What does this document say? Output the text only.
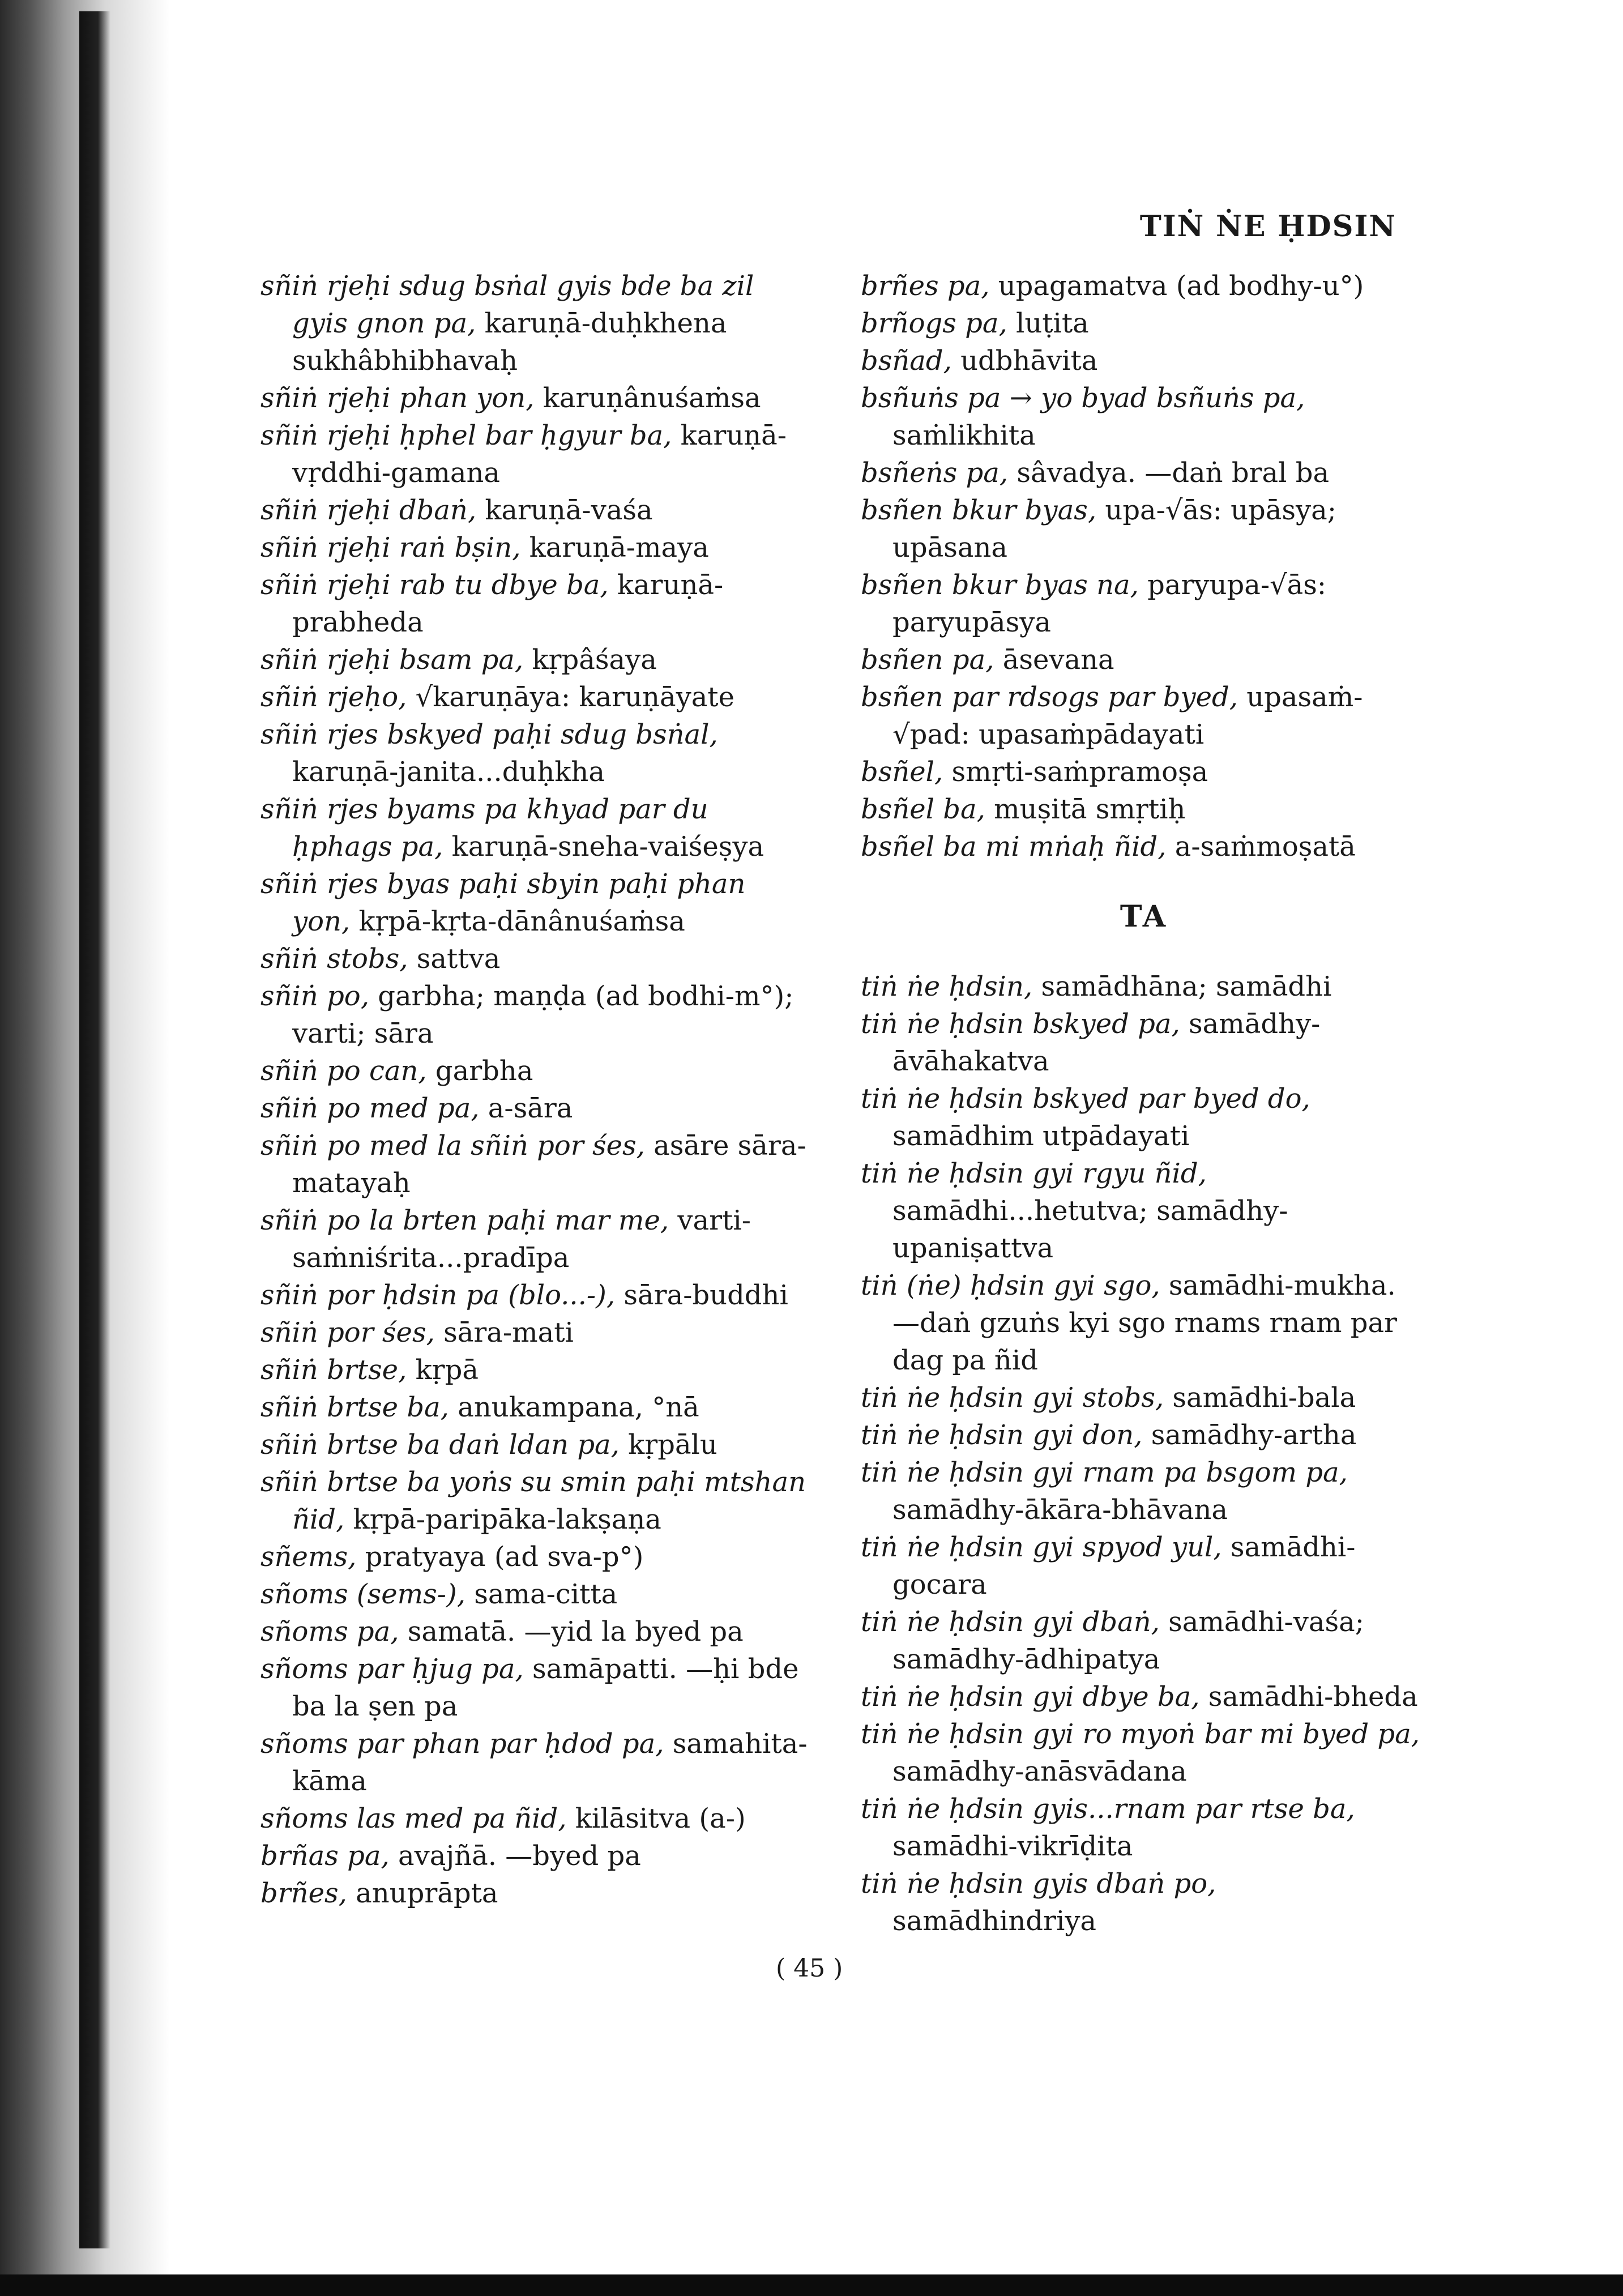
TIṄ ṄE ḤDSIN

sñiṅ rjeḥi sdug bsṅal gyis bde ba zil gyis gnon pa, karuṇā-duḥkhena sukhâbhibhavaḥ

sñiṅ rjeḥi phan yon, karuṇânuśaṁsa

sñiṅ rjeḥi ḥphel bar ḥgyur ba, karuṇā-vṛddhi-gamana

sñiṅ rjeḥi dbaṅ, karuṇā-vaśa

sñiṅ rjeḥi raṅ bṣin, karuṇā-maya

sñiṅ rjeḥi rab tu dbye ba, karuṇā-prabheda

sñiṅ rjeḥi bsam pa, kṛpâśaya

sñiṅ rjeḥo, √karuṇāya: karuṇāyate

sñiṅ rjes bskyed paḥi sdug bsṅal, karuṇā-janita...duḥkha

sñiṅ rjes byams pa khyad par du ḥphags pa, karuṇā-sneha-vaiśeṣya

sñiṅ rjes byas paḥi sbyin paḥi phan yon, kṛpā-kṛta-dānânuśaṁsa

sñiṅ stobs, sattva

sñiṅ po, garbha; maṇḍa (ad bodhi-m°); varti; sāra

sñiṅ po can, garbha

sñiṅ po med pa, a-sāra

sñiṅ po med la sñiṅ por śes, asāre sāra-matayaḥ

sñiṅ po la brten paḥi mar me, varti-saṁniśrita...pradīpa

sñiṅ por ḥdsin pa (blo...-), sāra-buddhi

sñiṅ por śes, sāra-mati

sñiṅ brtse, kṛpā

sñiṅ brtse ba, anukampana, °nā

sñiṅ brtse ba daṅ ldan pa, kṛpālu

sñiṅ brtse ba yoṅs su smin paḥi mtshan ñid, kṛpā-paripāka-lakṣaṇa

sñems, pratyaya (ad sva-p°)

sñoms (sems-), sama-citta

sñoms pa, samatā. —yid la byed pa

sñoms par ḥjug pa, samāpatti. —ḥi bde ba la ṣen pa

sñoms par phan par ḥdod pa, samahita-kāma

sñoms las med pa ñid, kilāsitva (a-)

brñas pa, avajñā. —byed pa

brñes, anuprāpta

brñes pa, upagamatva (ad bodhy-u°)

brñogs pa, luṭita

bsñad, udbhāvita

bsñuṅs pa → yo byad bsñuṅs pa, saṁlikhita

bsñeṅs pa, sâvadya. —daṅ bral ba

bsñen bkur byas, upa-√ās: upāsya; upāsana

bsñen bkur byas na, paryupa-√ās: paryupāsya

bsñen pa, āsevana

bsñen par rdsogs par byed, upasaṁ-√pad: upasaṁpādayati

bsñel, smṛti-saṁpramoṣa

bsñel ba, muṣitā smṛtiḥ

bsñel ba mi mṅaḥ ñid, a-saṁmoṣatā

TA

tiṅ ṅe ḥdsin, samādhāna; samādhi

tiṅ ṅe ḥdsin bskyed pa, samādhy-āvāhakatva

tiṅ ṅe ḥdsin bskyed par byed do, samādhim utpādayati

tiṅ ṅe ḥdsin gyi rgyu ñid, samādhi...hetutva; samādhy-upaniṣattva

tiṅ (ṅe) ḥdsin gyi sgo, samādhi-mukha. —daṅ gzuṅs kyi sgo rnams rnam par dag pa ñid

tiṅ ṅe ḥdsin gyi stobs, samādhi-bala

tiṅ ṅe ḥdsin gyi don, samādhy-artha

tiṅ ṅe ḥdsin gyi rnam pa bsgom pa, samādhy-ākāra-bhāvana

tiṅ ṅe ḥdsin gyi spyod yul, samādhi-gocara

tiṅ ṅe ḥdsin gyi dbaṅ, samādhi-vaśa; samādhy-ādhipatya

tiṅ ṅe ḥdsin gyi dbye ba, samādhi-bheda

tiṅ ṅe ḥdsin gyi ro myoṅ bar mi byed pa, samādhy-anāsvādana

tiṅ ṅe ḥdsin gyis...rnam par rtse ba, samādhi-vikrīḍita

tiṅ ṅe ḥdsin gyis dbaṅ po, samādhindriya

( 45 )
